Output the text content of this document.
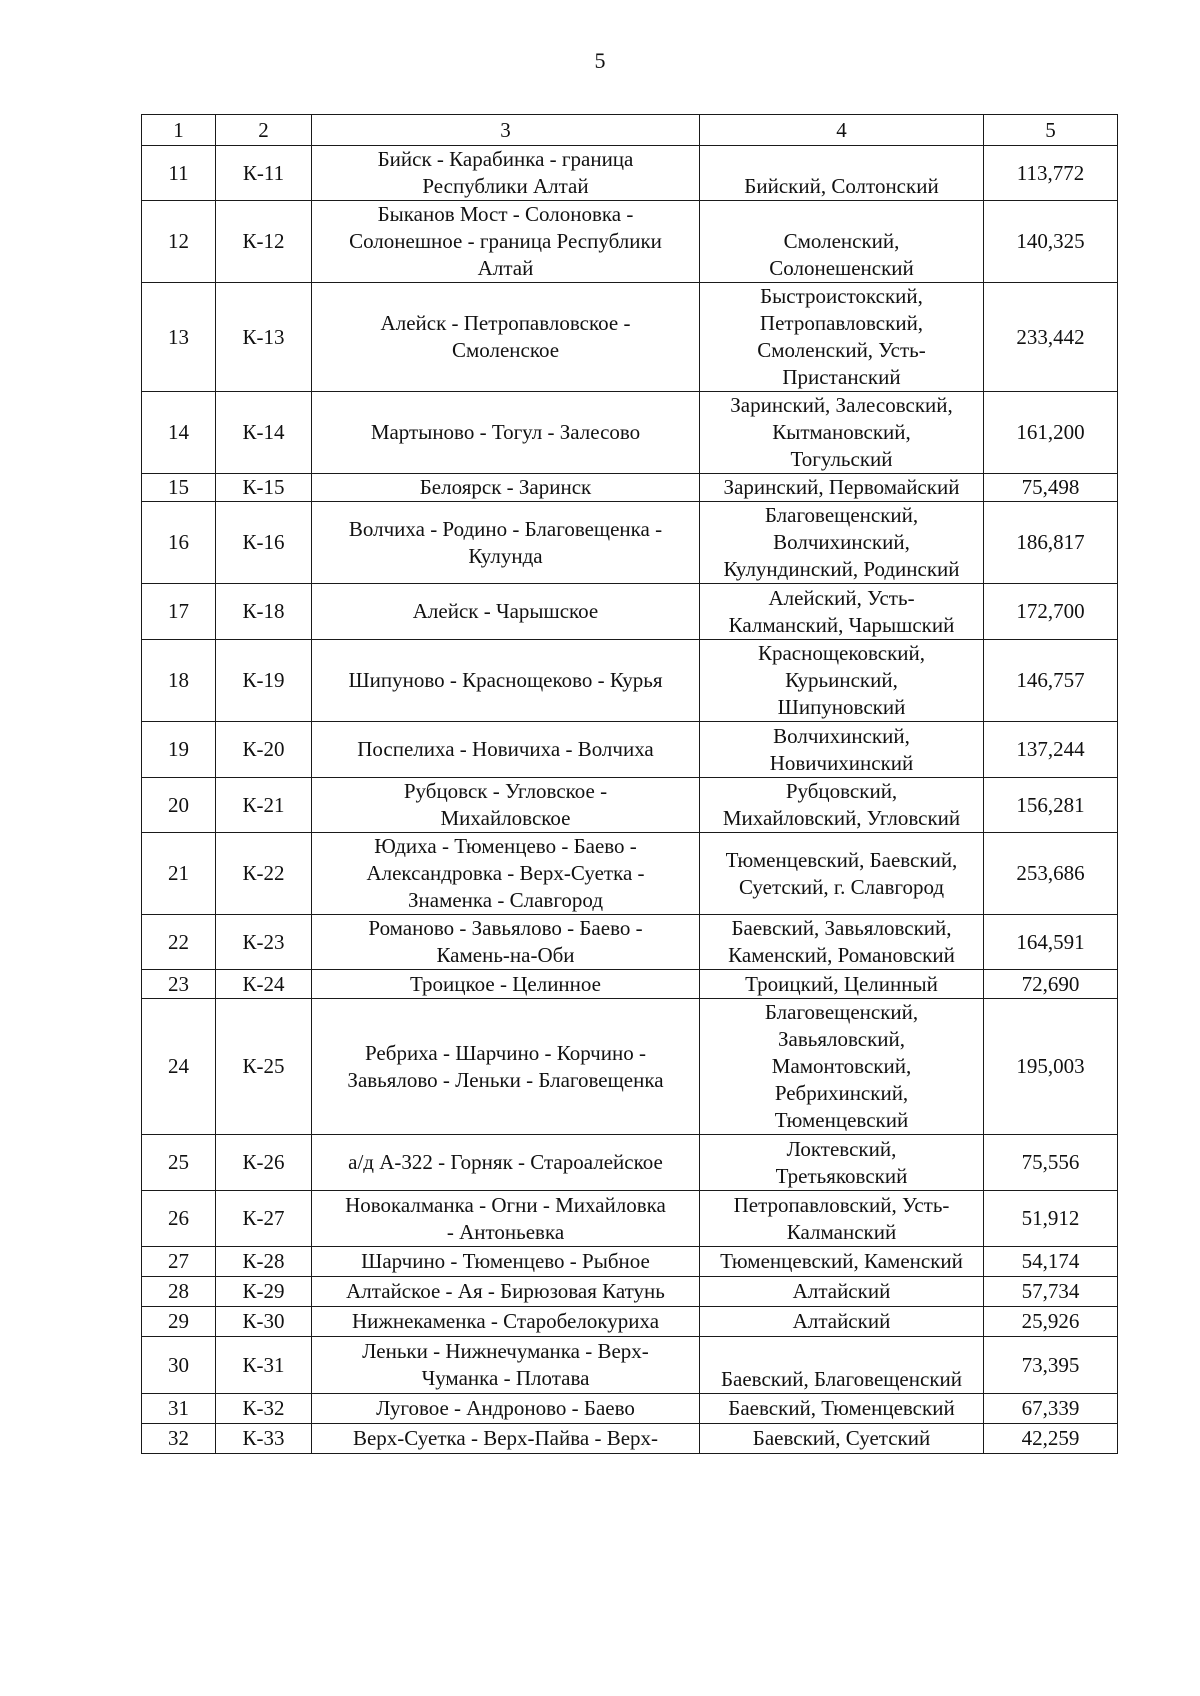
5
1	2	3	4	5
11	К-11	Бийск - Карабинка - граница
Республики Алтай	Бийский, Солтонский	113,772
12	К-12	Быканов Мост - Солоновка -
Солонешное - граница Республики
Алтай	Смоленский,
Солонешенский	140,325
13	К-13	Алейск - Петропавловское -
Смоленское	Быстроистокский,
Петропавловский,
Смоленский, Усть-
Пристанский	233,442
14	К-14	Мартыново - Тогул - Залесово	Заринский, Залесовский,
Кытмановский,
Тогульский	161,200
15	К-15	Белоярск - Заринск	Заринский, Первомайский	75,498
16	К-16	Волчиха - Родино - Благовещенка -
Кулунда	Благовещенский,
Волчихинский,
Кулундинский, Родинский	186,817
17	К-18	Алейск - Чарышское	Алейский, Усть-
Калманский, Чарышский	172,700
18	К-19	Шипуново - Краснощеково - Курья	Краснощековский,
Курьинский,
Шипуновский	146,757
19	К-20	Поспелиха - Новичиха - Волчиха	Волчихинский,
Новичихинский	137,244
20	К-21	Рубцовск - Угловское -
Михайловское	Рубцовский,
Михайловский, Угловский	156,281
21	К-22	Юдиха - Тюменцево - Баево -
Александровка - Верх-Суетка -
Знаменка - Славгород	Тюменцевский, Баевский,
Суетский, г. Славгород	253,686
22	К-23	Романово - Завьялово - Баево -
Камень-на-Оби	Баевский, Завьяловский,
Каменский, Романовский	164,591
23	К-24	Троицкое - Целинное	Троицкий, Целинный	72,690
24	К-25	Ребриха - Шарчино - Корчино -
Завьялово - Леньки - Благовещенка	Благовещенский,
Завьяловский,
Мамонтовский,
Ребрихинский,
Тюменцевский	195,003
25	К-26	а/д А-322 - Горняк - Староалейское	Локтевский,
Третьяковский	75,556
26	К-27	Новокалманка - Огни - Михайловка
- Антоньевка	Петропавловский, Усть-
Калманский	51,912
27	К-28	Шарчино - Тюменцево - Рыбное	Тюменцевский, Каменский	54,174
28	К-29	Алтайское - Ая - Бирюзовая Катунь	Алтайский	57,734
29	К-30	Нижнекаменка - Старобелокуриха	Алтайский	25,926
30	К-31	Леньки - Нижнечуманка - Верх-
Чуманка - Плотава	Баевский, Благовещенский	73,395
31	К-32	Луговое - Андроново - Баево	Баевский, Тюменцевский	67,339
32	К-33	Верх-Суетка - Верх-Пайва - Верх-	Баевский, Суетский	42,259
